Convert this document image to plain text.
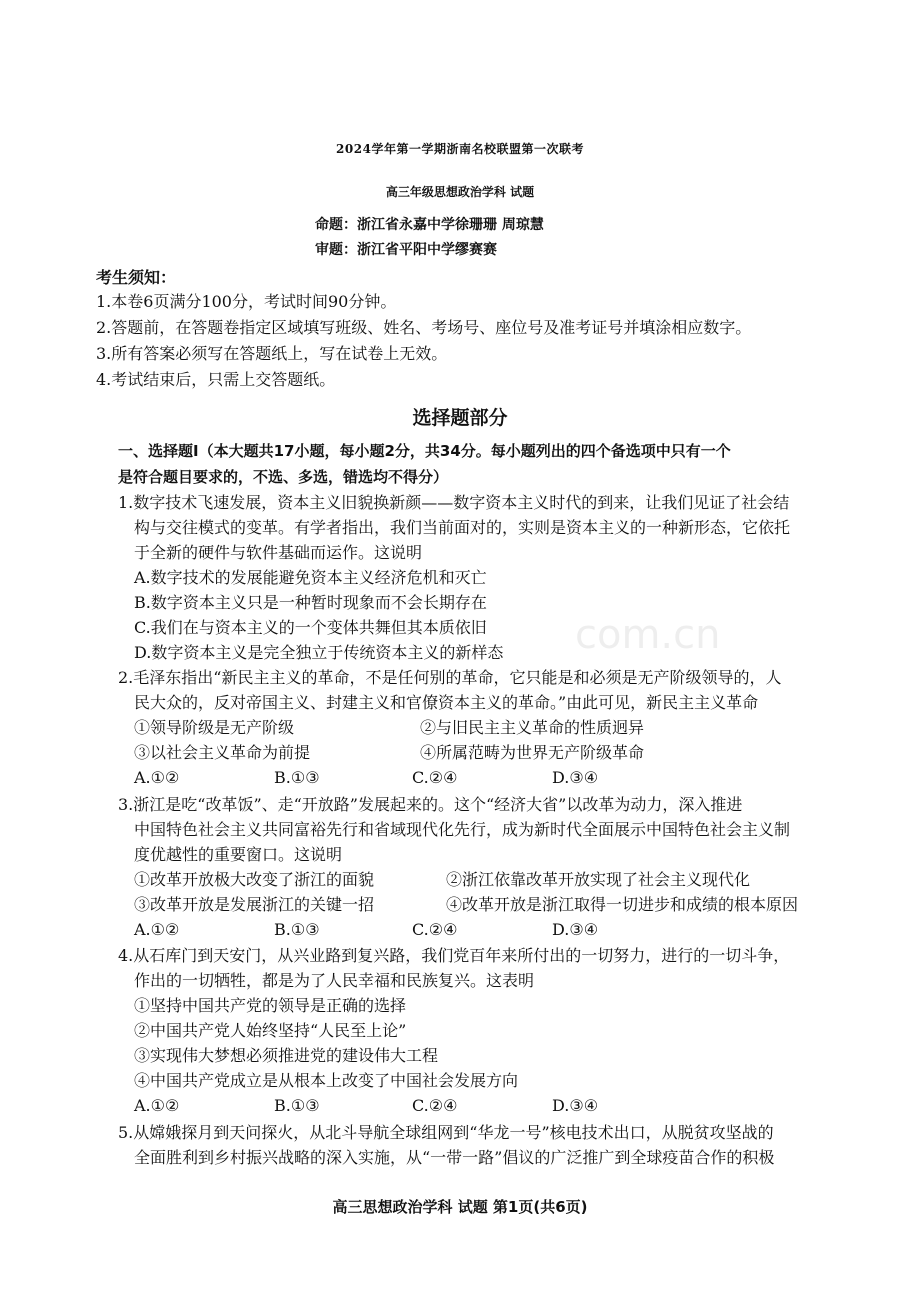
2024学年第一学期浙南名校联盟第一次联考
高三年级思想政治学科 试题
命题：浙江省永嘉中学徐珊珊 周琼慧
审题：浙江省平阳中学缪赛赛
考生须知：
1.本卷6页满分100分，考试时间90分钟。
2.答题前，在答题卷指定区域填写班级、姓名、考场号、座位号及准考证号并填涂相应数字。
3.所有答案必须写在答题纸上，写在试卷上无效。
4.考试结束后，只需上交答题纸。
选择题部分
一、选择题Ⅰ（本大题共17小题，每小题2分，共34分。每小题列出的四个备选项中只有一个
是符合题目要求的，不选、多选，错选均不得分）
1.数字技术飞速发展，资本主义旧貌换新颜——数字资本主义时代的到来，让我们见证了社会结
构与交往模式的变革。有学者指出，我们当前面对的，实则是资本主义的一种新形态，它依托
于全新的硬件与软件基础而运作。这说明
A.数字技术的发展能避免资本主义经济危机和灭亡
B.数字资本主义只是一种暂时现象而不会长期存在
C.我们在与资本主义的一个变体共舞但其本质依旧
D.数字资本主义是完全独立于传统资本主义的新样态 com.cn
2.毛泽东指出“新民主主义的革命，不是任何别的革命，它只能是和必须是无产阶级领导的，人
民大众的，反对帝国主义、封建主义和官僚资本主义的革命。”由此可见，新民主主义革命
①领导阶级是无产阶级	②与旧民主主义革命的性质迥异
③以社会主义革命为前提	④所属范畴为世界无产阶级革命
A.①②	B.①③	C.②④	D.③④
3.浙江是吃“改革饭”、走“开放路”发展起来的。这个“经济大省”以改革为动力，深入推进
中国特色社会主义共同富裕先行和省域现代化先行，成为新时代全面展示中国特色社会主义制
度优越性的重要窗口。这说明
①改革开放极大改变了浙江的面貌	②浙江依靠改革开放实现了社会主义现代化
③改革开放是发展浙江的关键一招	④改革开放是浙江取得一切进步和成绩的根本原因
A.①②	B.①③	C.②④	D.③④
4.从石库门到天安门，从兴业路到复兴路，我们党百年来所付出的一切努力，进行的一切斗争，
作出的一切牺牲，都是为了人民幸福和民族复兴。这表明
①坚持中国共产党的领导是正确的选择
②中国共产党人始终坚持“人民至上论”
③实现伟大梦想必须推进党的建设伟大工程
④中国共产党成立是从根本上改变了中国社会发展方向
A.①②	B.①③	C.②④	D.③④
5.从嫦娥探月到天问探火，从北斗导航全球组网到“华龙一号”核电技术出口，从脱贫攻坚战的
全面胜利到乡村振兴战略的深入实施，从“一带一路”倡议的广泛推广到全球疫苗合作的积极
高三思想政治学科 试题 第1页(共6页)
